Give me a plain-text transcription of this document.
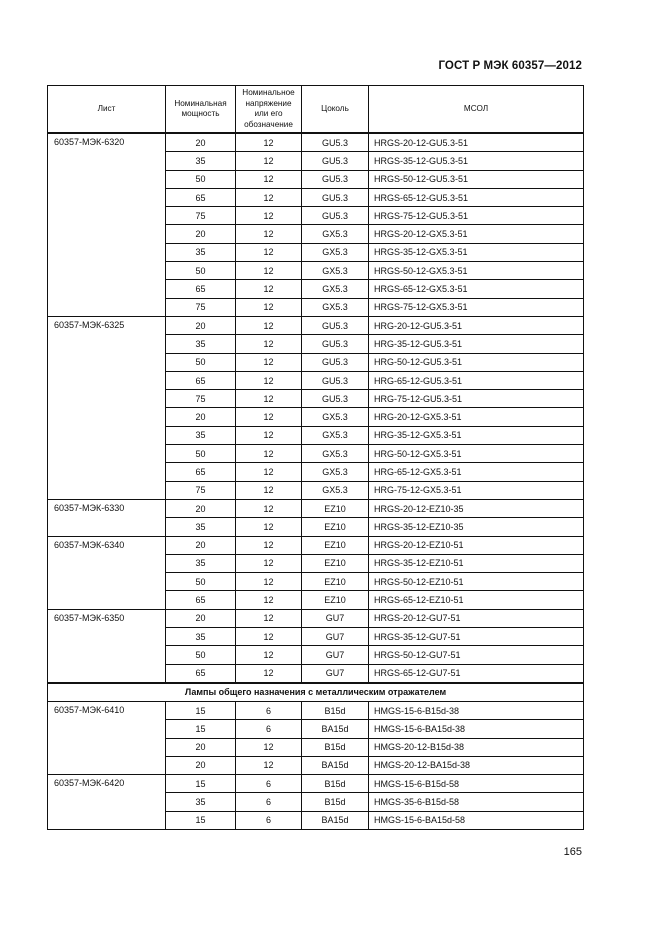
ГОСТ Р МЭК 60357—2012
Лист	Номинальная мощность	Номинальное напряжение или его обозначение	Цоколь	МСОЛ
60357-МЭК-6320	20	12	GU5.3	HRGS-20-12-GU5.3-51
	35	12	GU5.3	HRGS-35-12-GU5.3-51
	50	12	GU5.3	HRGS-50-12-GU5.3-51
	65	12	GU5.3	HRGS-65-12-GU5.3-51
	75	12	GU5.3	HRGS-75-12-GU5.3-51
	20	12	GX5.3	HRGS-20-12-GX5.3-51
	35	12	GX5.3	HRGS-35-12-GX5.3-51
	50	12	GX5.3	HRGS-50-12-GX5.3-51
	65	12	GX5.3	HRGS-65-12-GX5.3-51
	75	12	GX5.3	HRGS-75-12-GX5.3-51
60357-МЭК-6325	20	12	GU5.3	HRG-20-12-GU5.3-51
	35	12	GU5.3	HRG-35-12-GU5.3-51
	50	12	GU5.3	HRG-50-12-GU5.3-51
	65	12	GU5.3	HRG-65-12-GU5.3-51
	75	12	GU5.3	HRG-75-12-GU5.3-51
	20	12	GX5.3	HRG-20-12-GX5.3-51
	35	12	GX5.3	HRG-35-12-GX5.3-51
	50	12	GX5.3	HRG-50-12-GX5.3-51
	65	12	GX5.3	HRG-65-12-GX5.3-51
	75	12	GX5.3	HRG-75-12-GX5.3-51
60357-МЭК-6330	20	12	EZ10	HRGS-20-12-EZ10-35
	35	12	EZ10	HRGS-35-12-EZ10-35
60357-МЭК-6340	20	12	EZ10	HRGS-20-12-EZ10-51
	35	12	EZ10	HRGS-35-12-EZ10-51
	50	12	EZ10	HRGS-50-12-EZ10-51
	65	12	EZ10	HRGS-65-12-EZ10-51
60357-МЭК-6350	20	12	GU7	HRGS-20-12-GU7-51
	35	12	GU7	HRGS-35-12-GU7-51
	50	12	GU7	HRGS-50-12-GU7-51
	65	12	GU7	HRGS-65-12-GU7-51
Лампы общего назначения с металлическим отражателем				
60357-МЭК-6410	15	6	B15d	HMGS-15-6-B15d-38
	15	6	BA15d	HMGS-15-6-BA15d-38
	20	12	B15d	HMGS-20-12-B15d-38
	20	12	BA15d	HMGS-20-12-BA15d-38
60357-МЭК-6420	15	6	B15d	HMGS-15-6-B15d-58
	35	6	B15d	HMGS-35-6-B15d-58
	15	6	BA15d	HMGS-15-6-BA15d-58
165
